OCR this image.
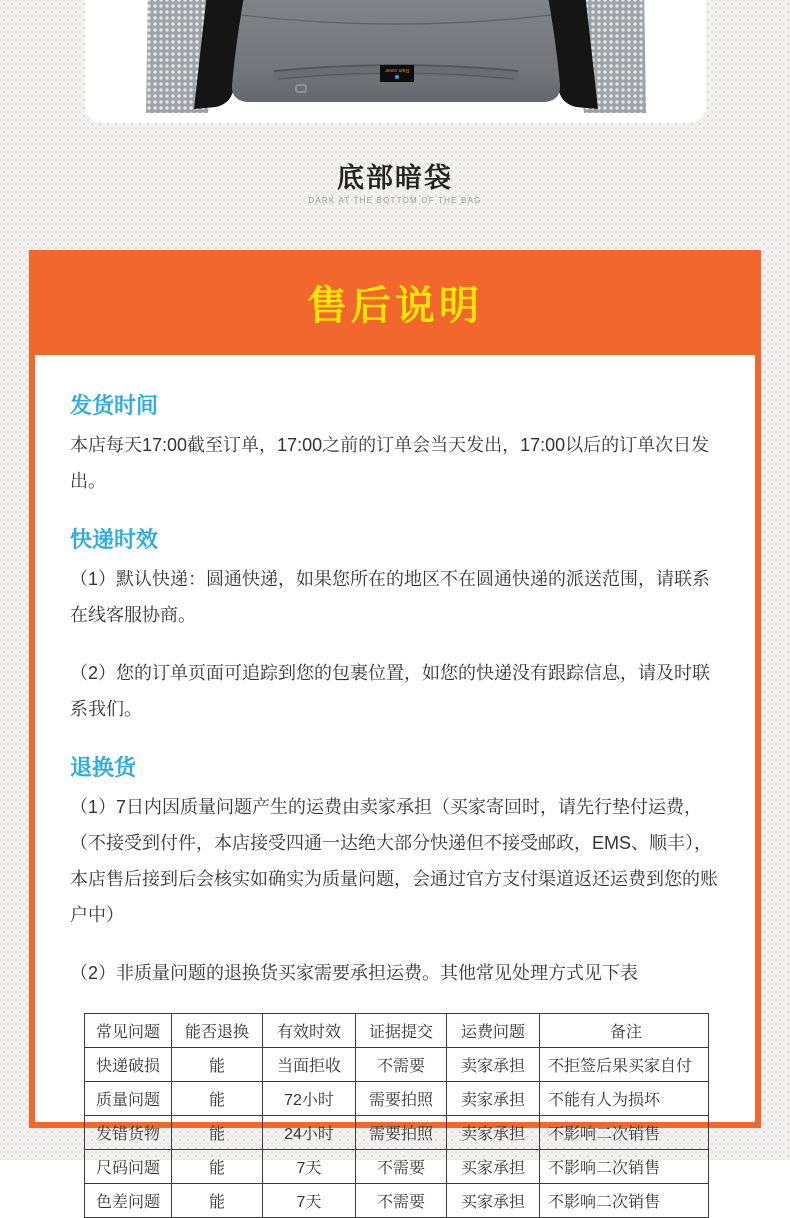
Rain cover
底部暗袋
DARK AT THE BOTTOM OF THE BAG
售后说明
发货时间

本店每天17:00截至订单，17:00之前的订单会当天发出，17:00以后的订单次日发出。

快递时效

（1）默认快递：圆通快递，如果您所在的地区不在圆通快递的派送范围，请联系在线客服协商。

（2）您的订单页面可追踪到您的包裹位置，如您的快递没有跟踪信息，请及时联系我们。

退换货

（1）7日内因质量问题产生的运费由卖家承担（买家寄回时，请先行垫付运费，（不接受到付件，本店接受四通一达绝大部分快递但不接受邮政，EMS、顺丰），本店售后接到后会核实如确实为质量问题，会通过官方支付渠道返还运费到您的账户中）

（2）非质量问题的退换货买家需要承担运费。其他常见处理方式见下表

常见问题	能否退换	有效时效	证据提交	运费问题	备注
快递破损	能	当面拒收	不需要	卖家承担	不拒签后果买家自付
质量问题	能	72小时	需要拍照	卖家承担	不能有人为损坏
发错货物	能	24小时	需要拍照	卖家承担	不影响二次销售
尺码问题	能	7天	不需要	买家承担	不影响二次销售
色差问题	能	7天	不需要	买家承担	不影响二次销售
